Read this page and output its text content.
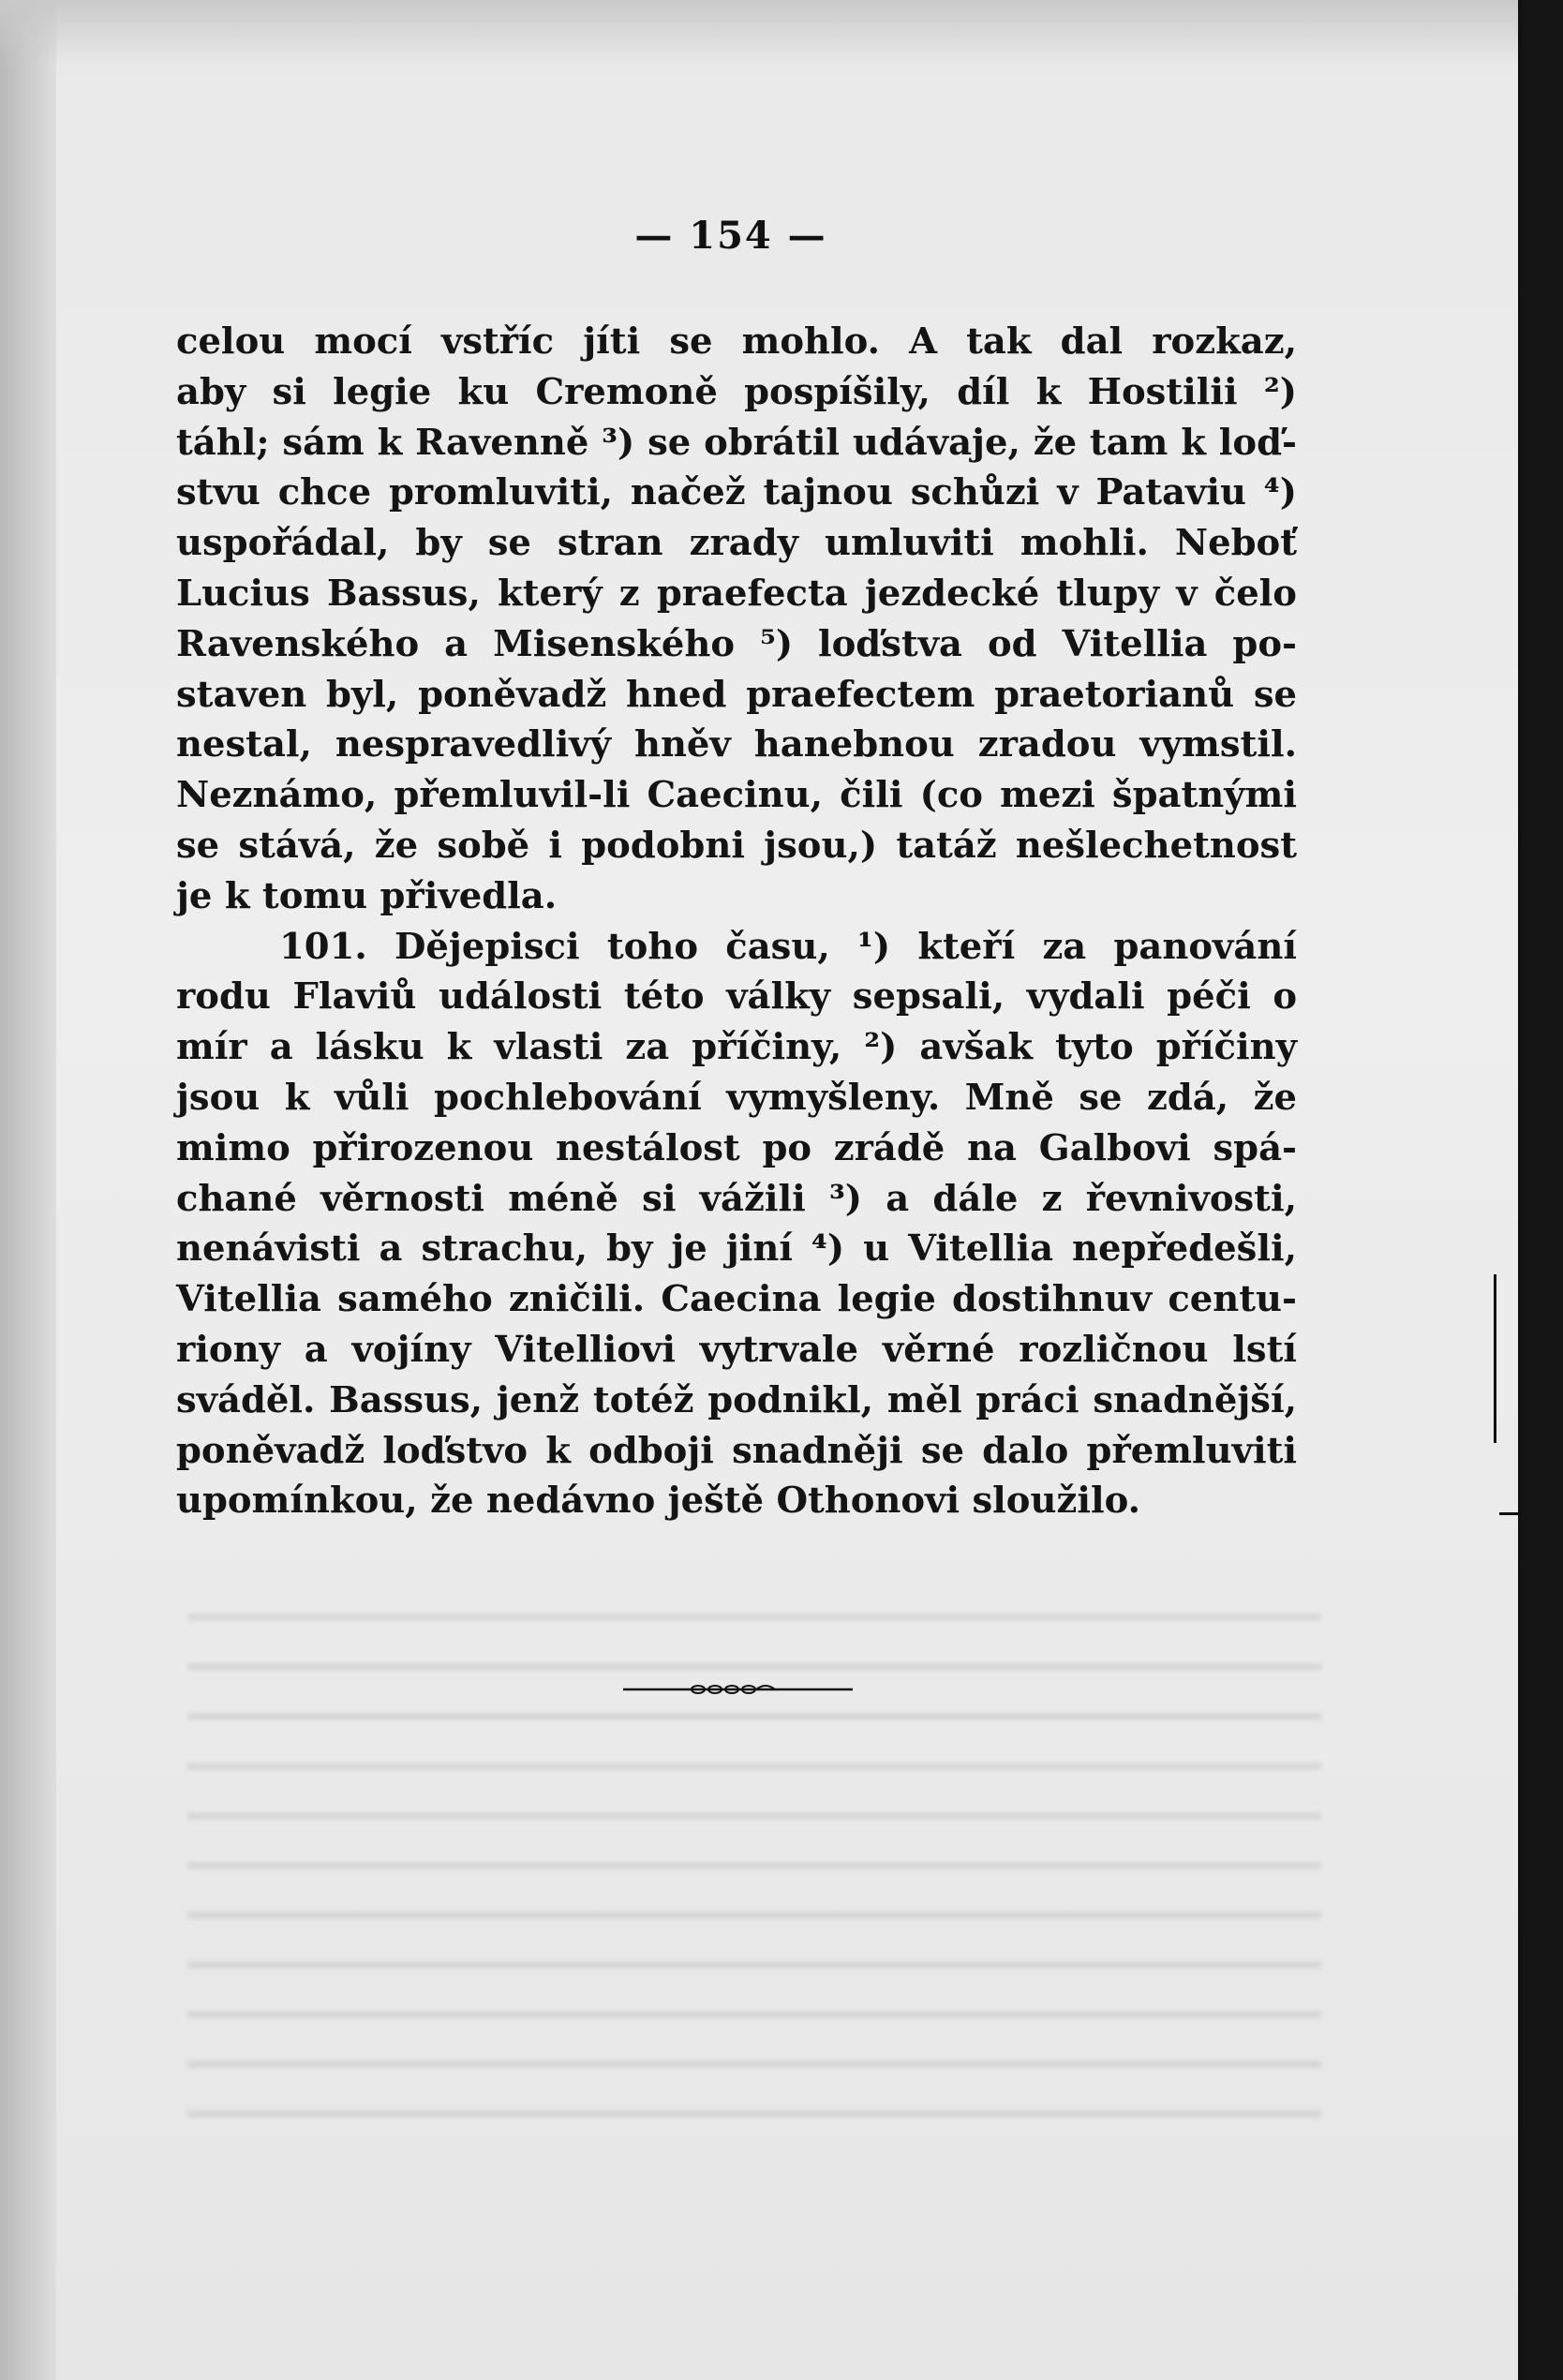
— 154 —
celou mocí vstříc jíti se mohlo. A tak dal rozkaz,
aby si legie ku Cremoně pospíšily, díl k Hostilii ²)
táhl; sám k Ravenně ³) se obrátil udávaje, že tam k loď-
stvu chce promluviti, načež tajnou schůzi v Pataviu ⁴)
uspořádal, by se stran zrady umluviti mohli. Neboť
Lucius Bassus, který z praefecta jezdecké tlupy v čelo
Ravenského a Misenského ⁵) loďstva od Vitellia po-
staven byl, poněvadž hned praefectem praetorianů se
nestal, nespravedlivý hněv hanebnou zradou vymstil.
Neznámo, přemluvil-li Caecinu, čili (co mezi špatnými
se stává, že sobě i podobni jsou,) tatáž nešlechetnost
je k tomu přivedla.
101. Dějepisci toho času, ¹) kteří za panování
rodu Flaviů události této války sepsali, vydali péči o
mír a lásku k vlasti za příčiny, ²) avšak tyto příčiny
jsou k vůli pochlebování vymyšleny. Mně se zdá, že
mimo přirozenou nestálost po zrádě na Galbovi spá-
chané věrnosti méně si vážili ³) a dále z řevnivosti,
nenávisti a strachu, by je jiní ⁴) u Vitellia nepředešli,
Vitellia samého zničili. Caecina legie dostihnuv centu-
riony a vojíny Vitelliovi vytrvale věrné rozličnou lstí
sváděl. Bassus, jenž totéž podnikl, měl práci snadnější,
poněvadž loďstvo k odboji snadněji se dalo přemluviti
upomínkou, že nedávno ještě Othonovi sloužilo.
